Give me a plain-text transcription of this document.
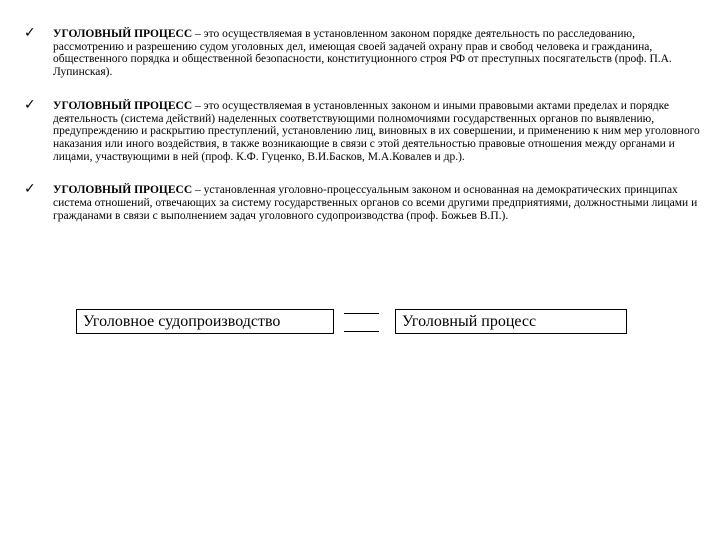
✓ УГОЛОВНЫЙ ПРОЦЕСС – это осуществляемая в установленном законом порядке деятельность по расследованию, рассмотрению и разрешению судом уголовных дел, имеющая своей задачей охрану прав и свобод человека и гражданина, общественного порядка и общественной безопасности, конституционного строя РФ от преступных посягательств (проф. П.А. Лупинская).
✓ УГОЛОВНЫЙ ПРОЦЕСС – это осуществляемая в установленных законом и иными правовыми актами пределах и порядке деятельность (система действий) наделенных соответствующими полномочиями государственных органов по выявлению, предупреждению и раскрытию преступлений, установлению лиц, виновных в их совершении, и применению к ним мер уголовного наказания или иного воздействия, в также возникающие в связи с этой деятельностью правовые отношения между органами и лицами, участвующими в ней (проф. К.Ф. Гуценко, В.И.Басков, М.А.Ковалев и др.).
✓ УГОЛОВНЫЙ ПРОЦЕСС – установленная уголовно-процессуальным законом и основанная на демократических принципах система отношений, отвечающих за систему государственных органов со всеми другими предприятиями, должностными лицами и гражданами в связи с выполнением задач уголовного судопроизводства (проф. Божьев В.П.).
Уголовное судопроизводство	Уголовный процесс
